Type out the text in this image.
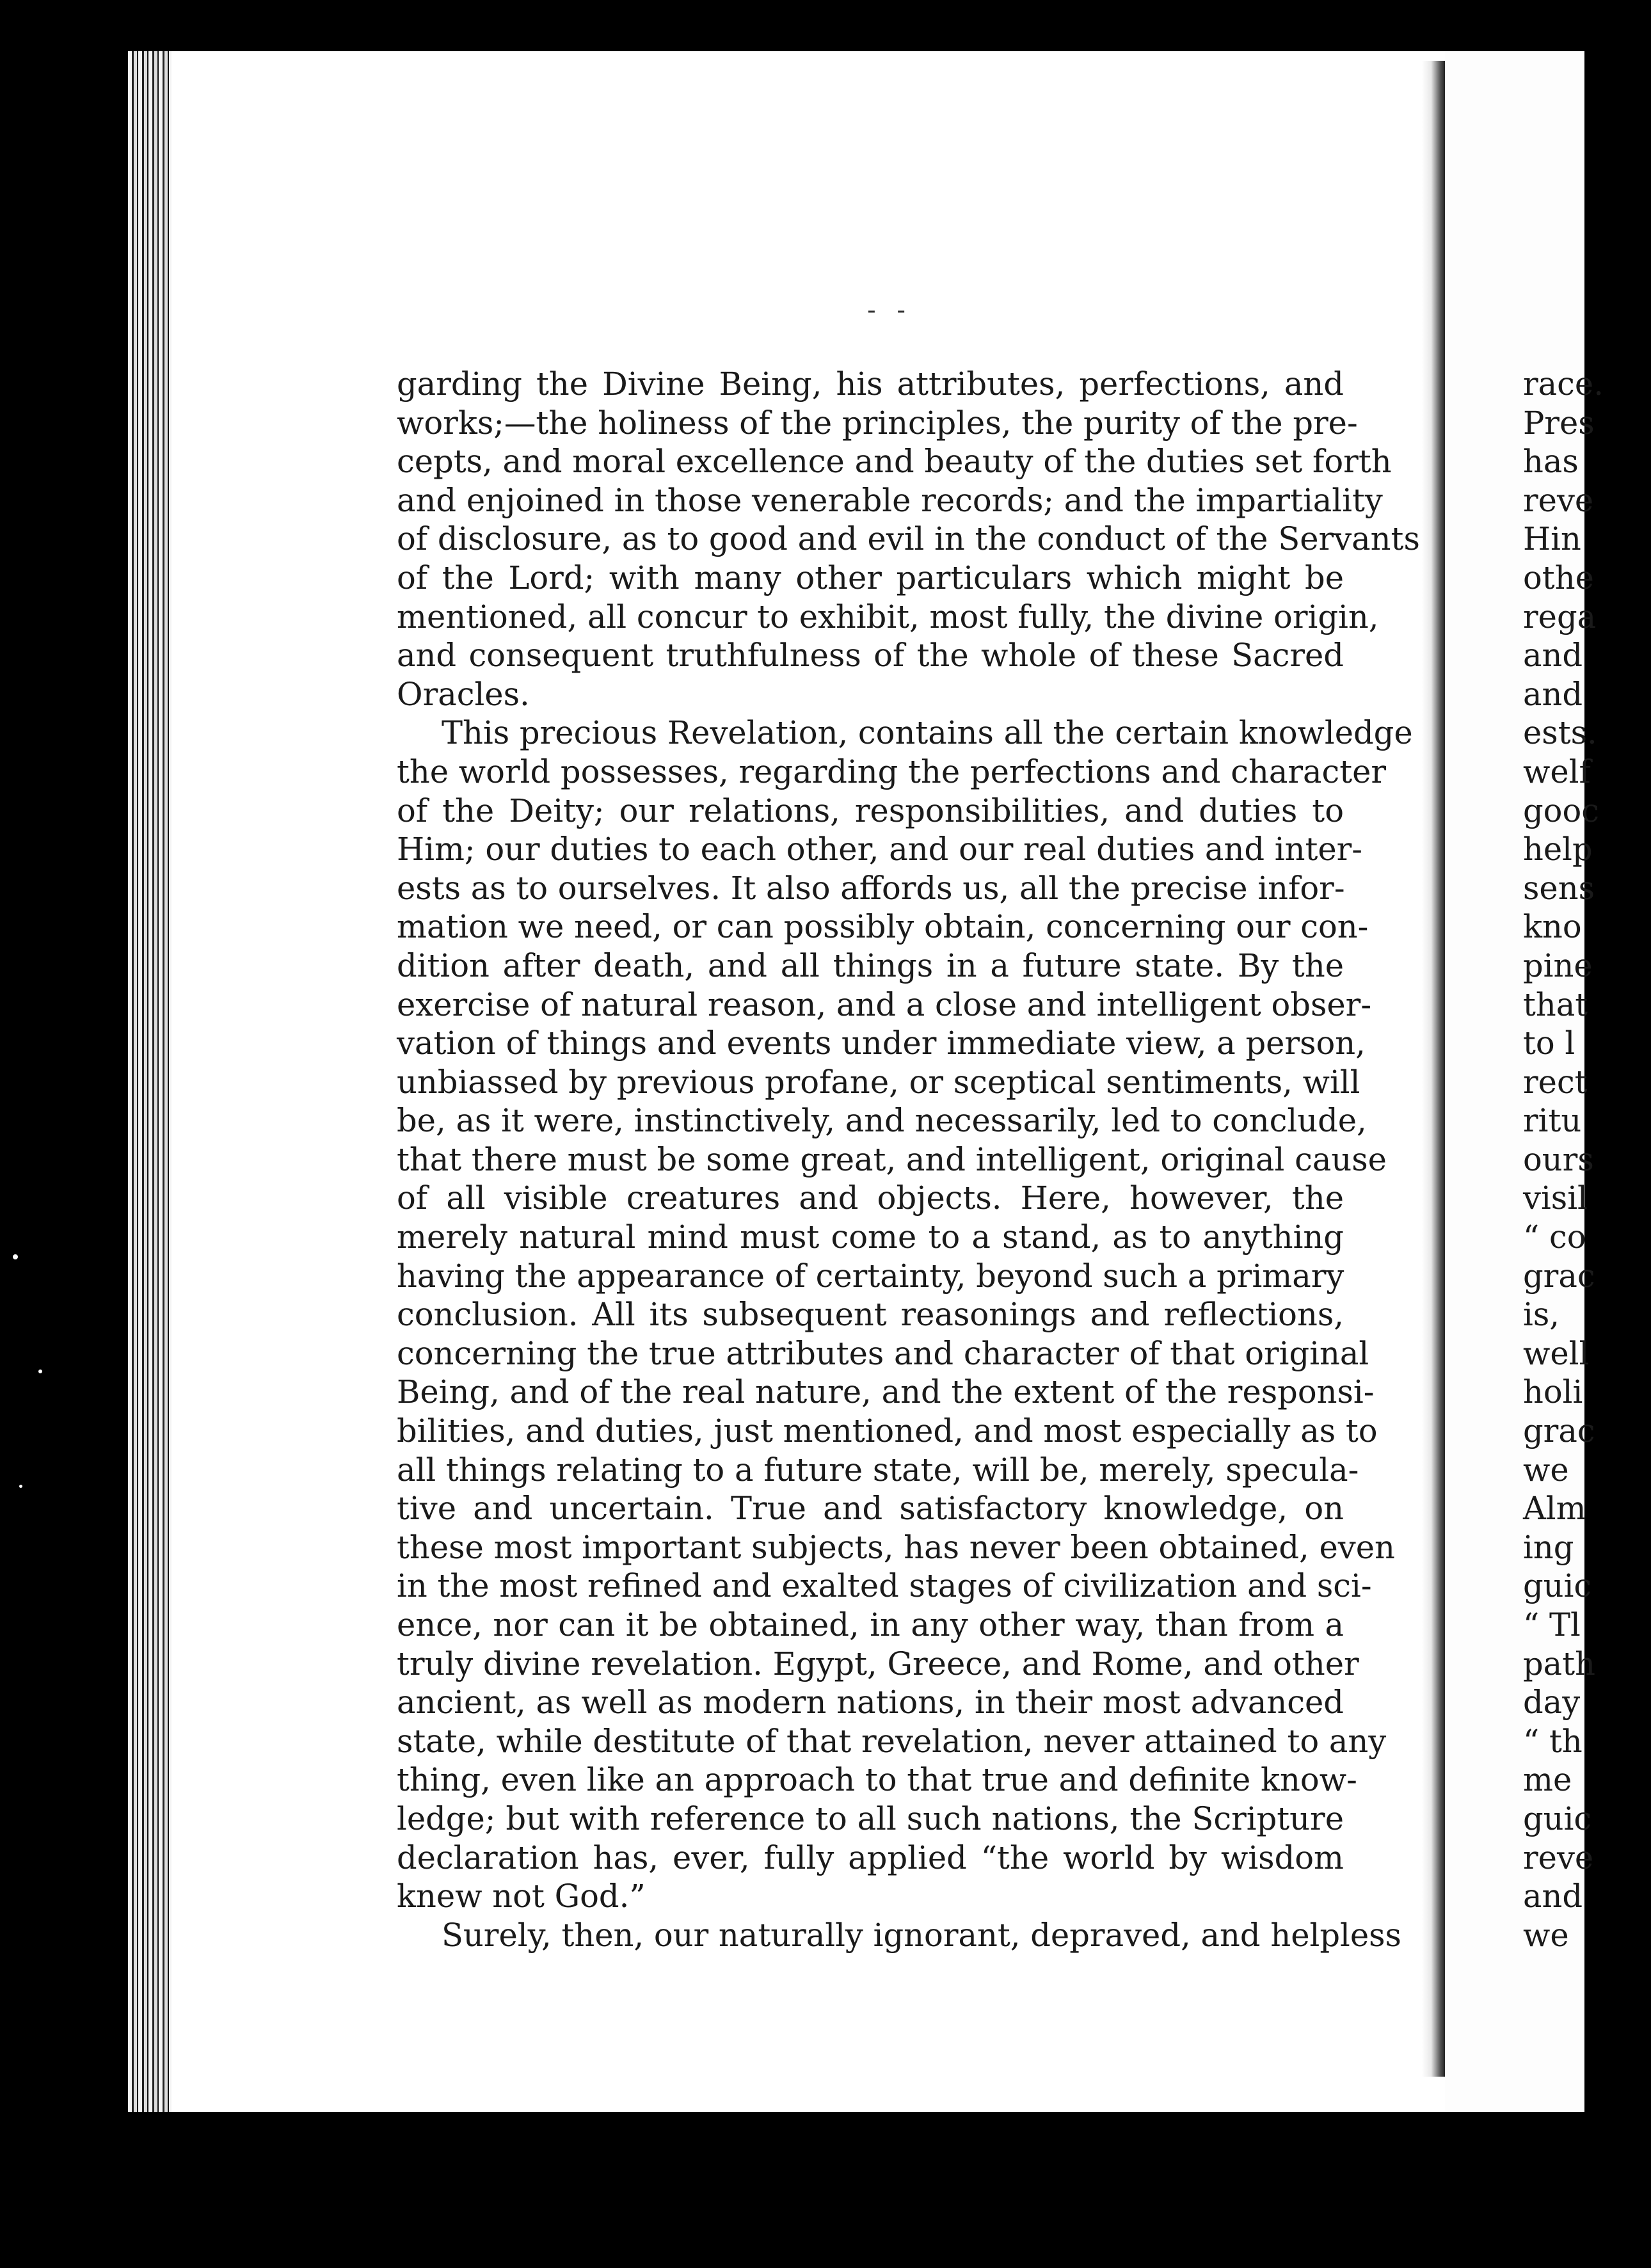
- -
garding the Divine Being, his attributes, perfections, and
works;—the holiness of the principles, the purity of the pre-
cepts, and moral excellence and beauty of the duties set forth
and enjoined in those venerable records; and the impartiality
of disclosure, as to good and evil in the conduct of the Servants
of the Lord; with many other particulars which might be
mentioned, all concur to exhibit, most fully, the divine origin,
and consequent truthfulness of the whole of these Sacred
Oracles.
This precious Revelation, contains all the certain knowledge
the world possesses, regarding the perfections and character
of the Deity; our relations, responsibilities, and duties to
Him; our duties to each other, and our real duties and inter-
ests as to ourselves. It also affords us, all the precise infor-
mation we need, or can possibly obtain, concerning our con-
dition after death, and all things in a future state. By the
exercise of natural reason, and a close and intelligent obser-
vation of things and events under immediate view, a person,
unbiassed by previous profane, or sceptical sentiments, will
be, as it were, instinctively, and necessarily, led to conclude,
that there must be some great, and intelligent, original cause
of all visible creatures and objects. Here, however, the
merely natural mind must come to a stand, as to anything
having the appearance of certainty, beyond such a primary
conclusion. All its subsequent reasonings and reflections,
concerning the true attributes and character of that original
Being, and of the real nature, and the extent of the responsi-
bilities, and duties, just mentioned, and most especially as to
all things relating to a future state, will be, merely, specula-
tive and uncertain. True and satisfactory knowledge, on
these most important subjects, has never been obtained, even
in the most refined and exalted stages of civilization and sci-
ence, nor can it be obtained, in any other way, than from a
truly divine revelation. Egypt, Greece, and Rome, and other
ancient, as well as modern nations, in their most advanced
state, while destitute of that revelation, never attained to any
thing, even like an approach to that true and definite know-
ledge; but with reference to all such nations, the Scripture
declaration has, ever, fully applied “the world by wisdom
knew not God.”
Surely, then, our naturally ignorant, depraved, and helpless
race.
Pres
has
reve
Hin
othe
rega
and
and
ests.
welf
gooc
help
sens
kno
pine
that
to l
rect
ritu
ours
visil
“ co
grac
is,
well
holi
grac
we
Alm
ing
guic
“ Tl
path
day
“ th
me
guic
reve
and
we
